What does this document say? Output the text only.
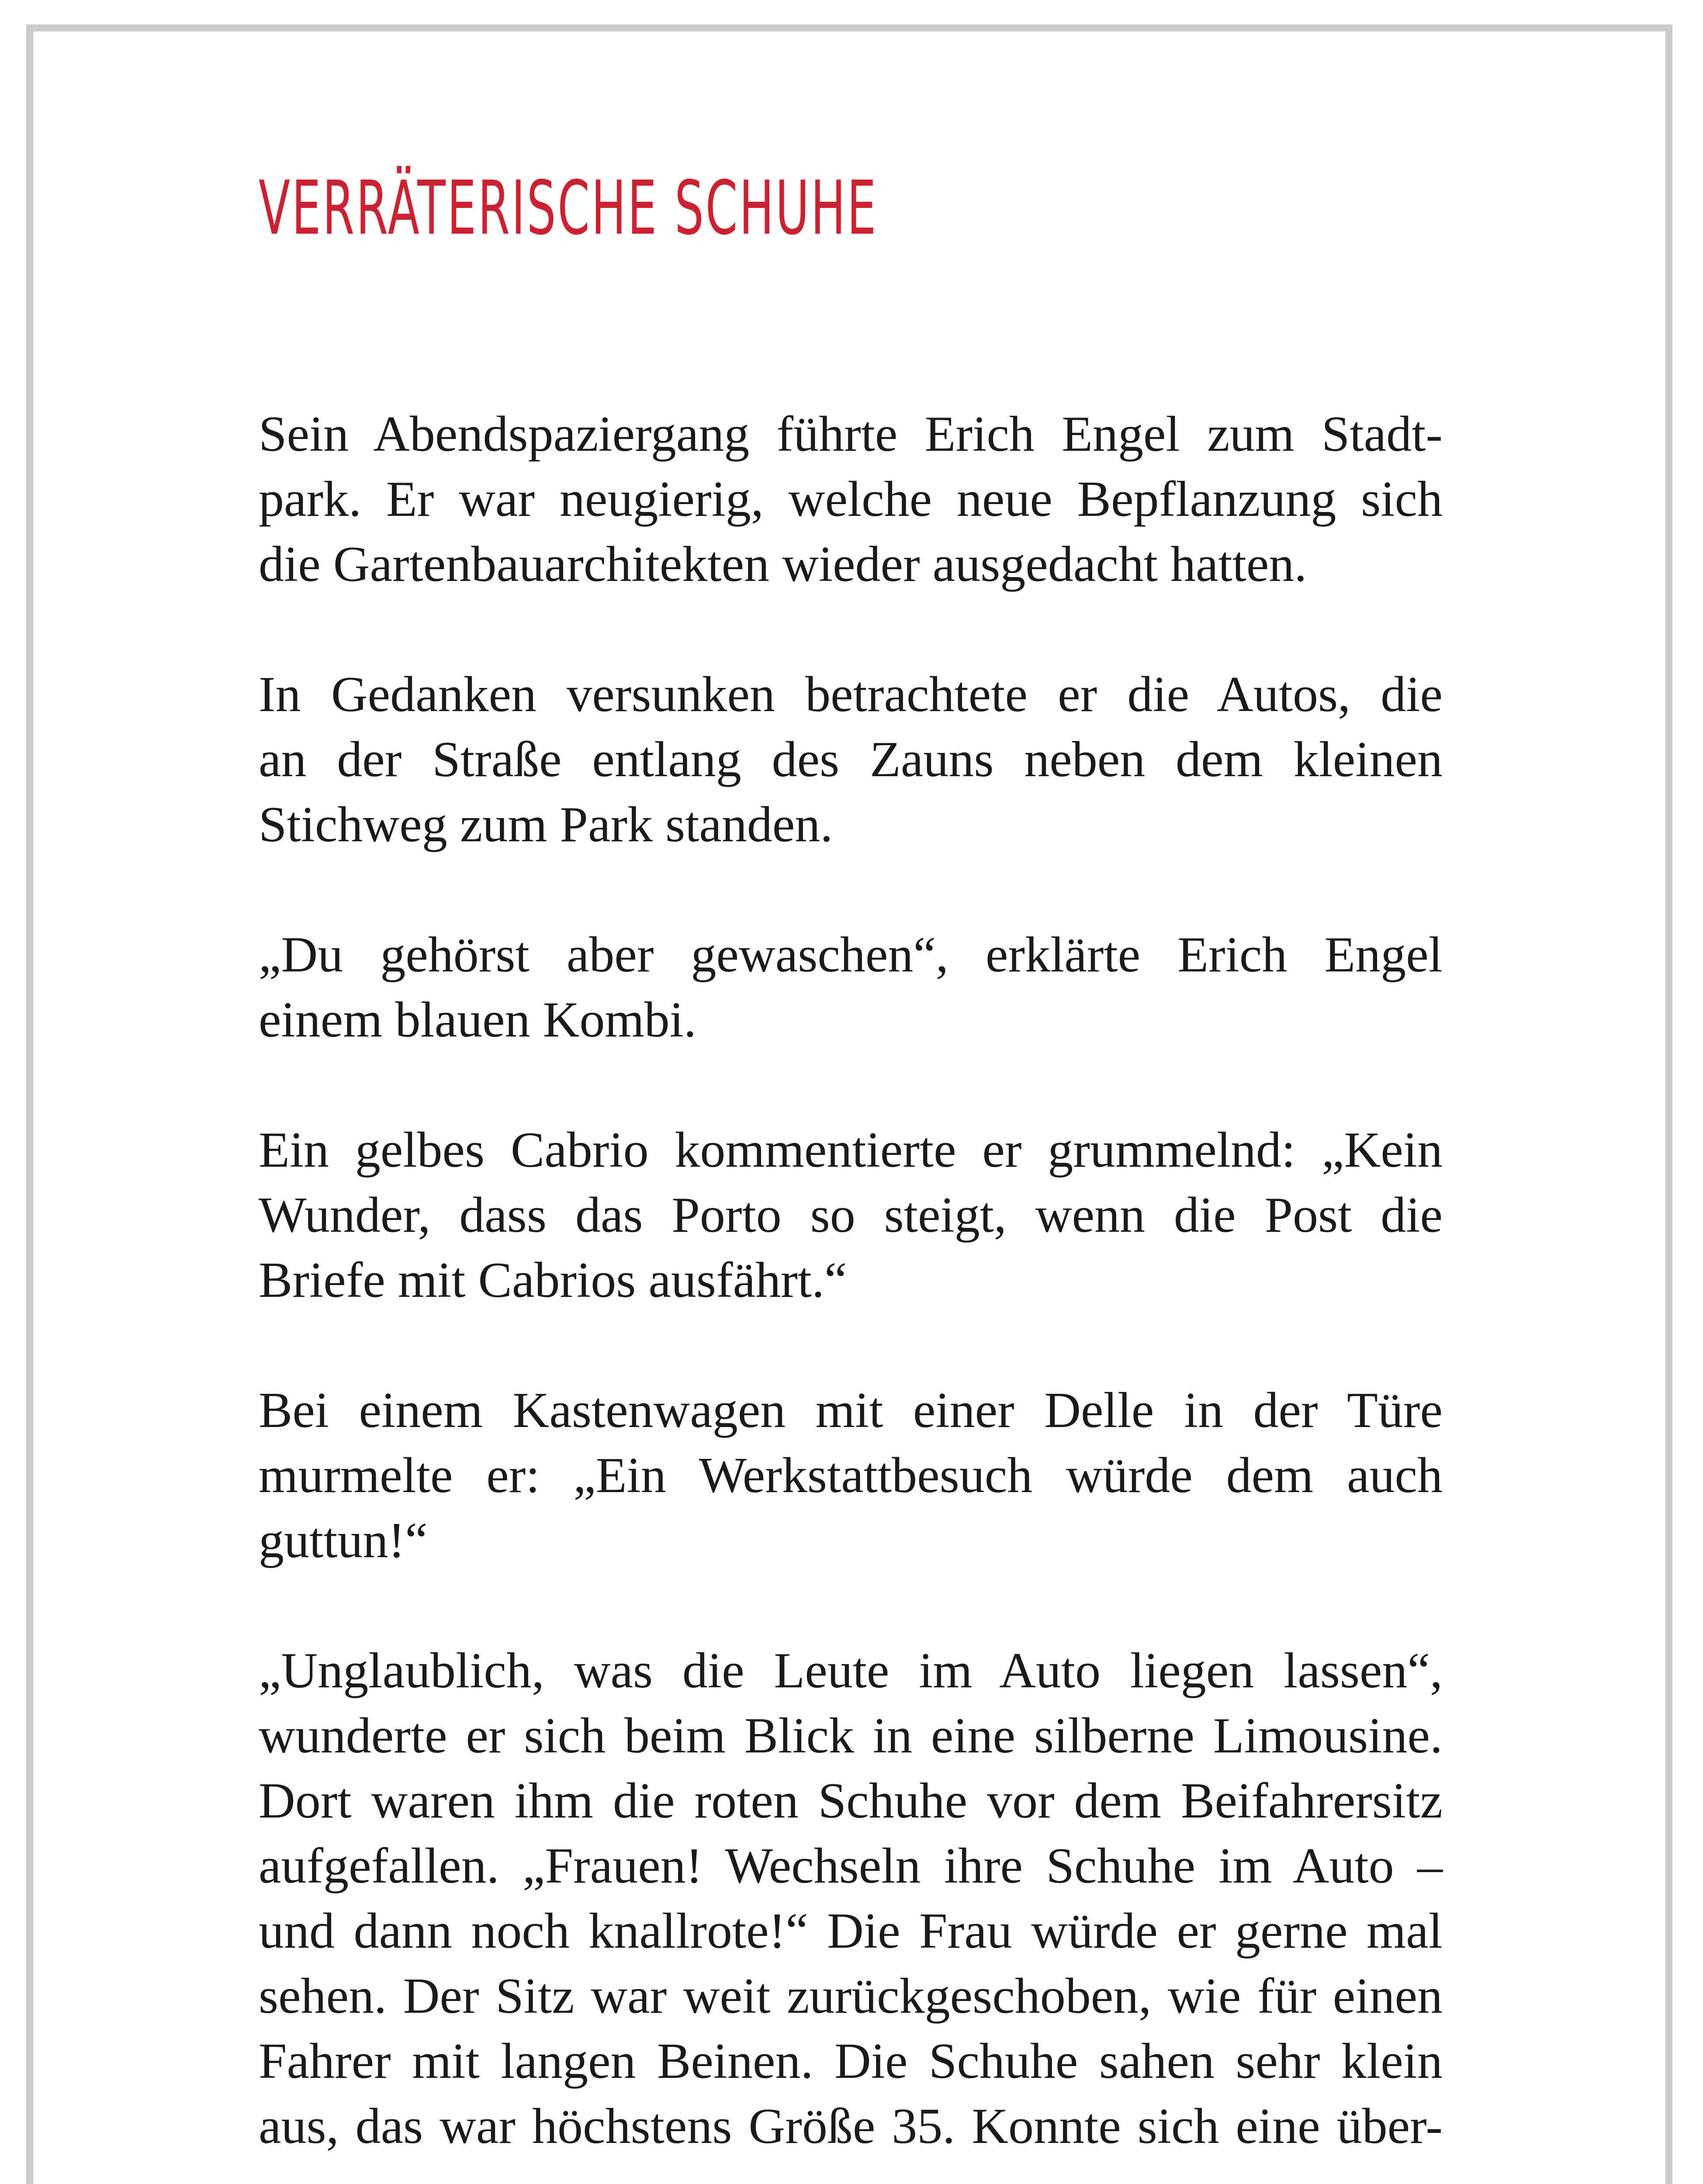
VERRÄTERISCHE SCHUHE

Sein Abendspaziergang führte Erich Engel zum Stadt-
park. Er war neugierig, welche neue Bepflanzung sich
die Gartenbauarchitekten wieder ausgedacht hatten.

In Gedanken versunken betrachtete er die Autos, die
an der Straße entlang des Zauns neben dem kleinen
Stichweg zum Park standen.

„Du gehörst aber gewaschen“, erklärte Erich Engel
einem blauen Kombi.

Ein gelbes Cabrio kommentierte er grummelnd: „Kein
Wunder, dass das Porto so steigt, wenn die Post die
Briefe mit Cabrios ausfährt.“

Bei einem Kastenwagen mit einer Delle in der Türe
murmelte er: „Ein Werkstattbesuch würde dem auch
guttun!“

„Unglaublich, was die Leute im Auto liegen lassen“,
wunderte er sich beim Blick in eine silberne Limousine.
Dort waren ihm die roten Schuhe vor dem Beifahrersitz
aufgefallen. „Frauen! Wechseln ihre Schuhe im Auto –
und dann noch knallrote!“ Die Frau würde er gerne mal
sehen. Der Sitz war weit zurückgeschoben, wie für einen
Fahrer mit langen Beinen. Die Schuhe sahen sehr klein
aus, das war höchstens Größe 35. Konnte sich eine über-
